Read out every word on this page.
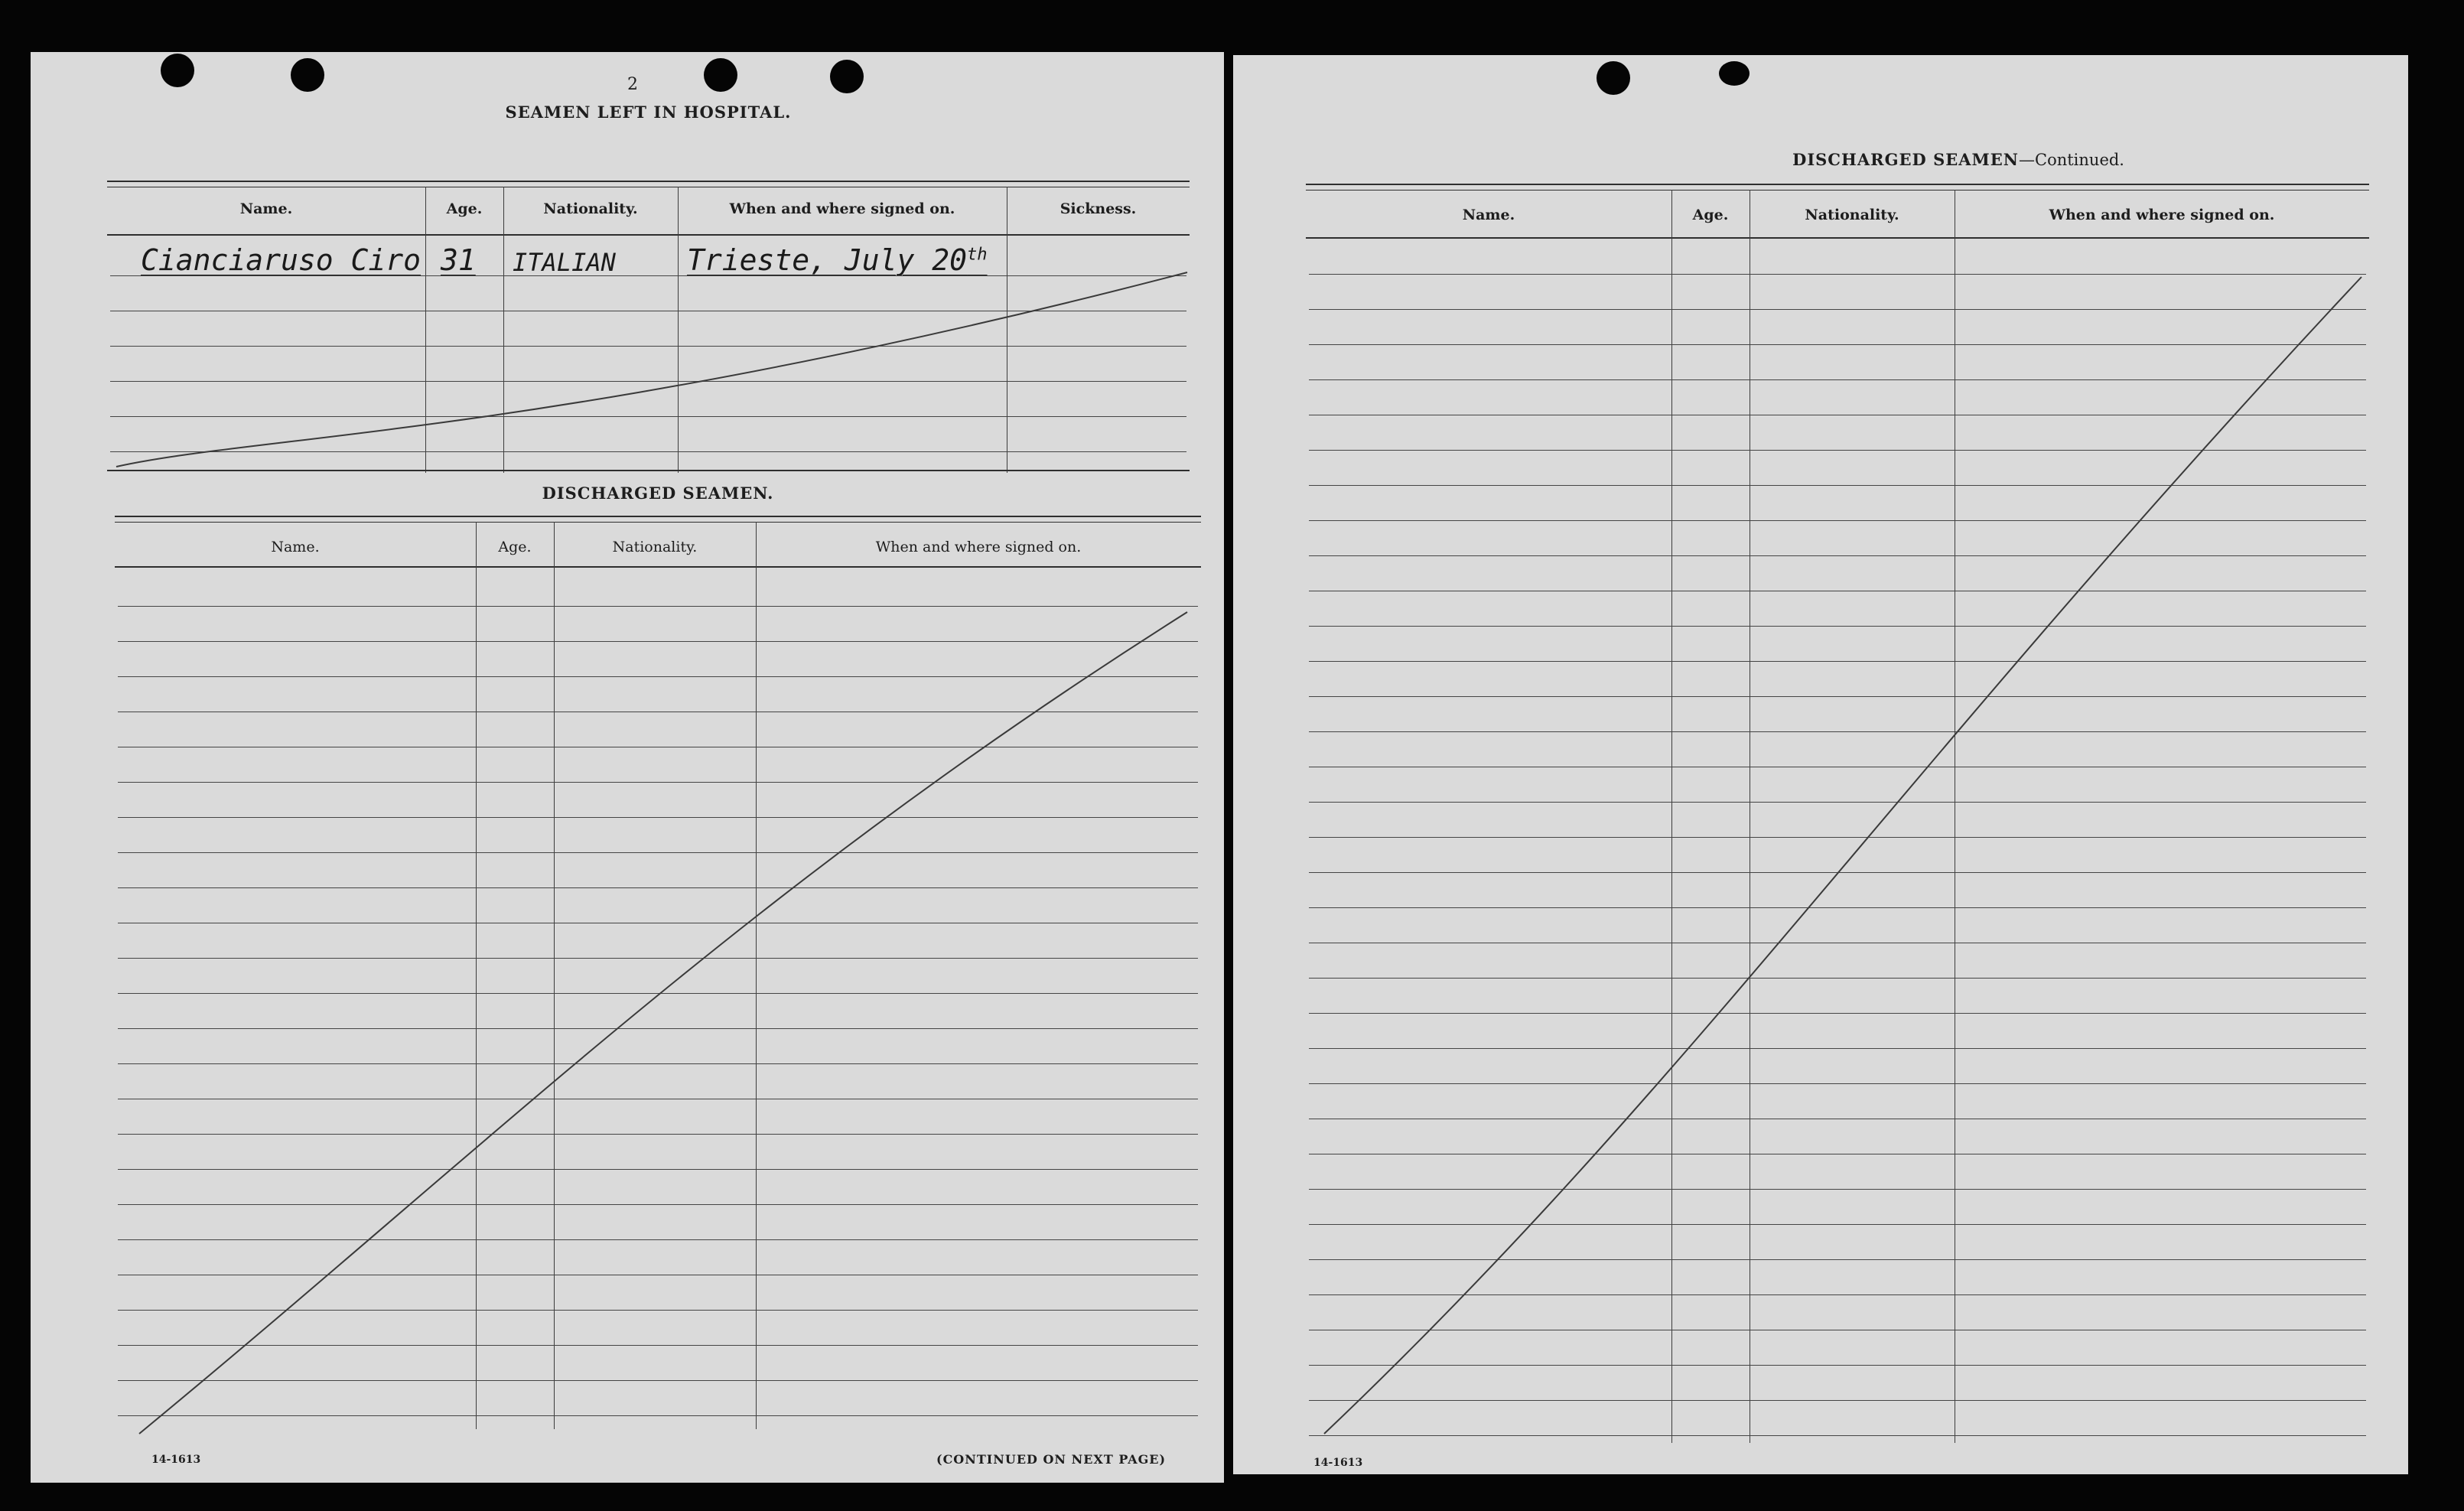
2
SEAMEN LEFT IN HOSPITAL.
Name.	Age.	Nationality.	When and where signed on.	Sickness.
Cianciaruso Ciro 31 ITALIAN Trieste, July 20th
DISCHARGED SEAMEN.
Name.	Age.	Nationality.	When and where signed on.
14-1613	(CONTINUED ON NEXT PAGE)
DISCHARGED SEAMEN—Continued.
Name.	Age.	Nationality.	When and where signed on.
14-1613
